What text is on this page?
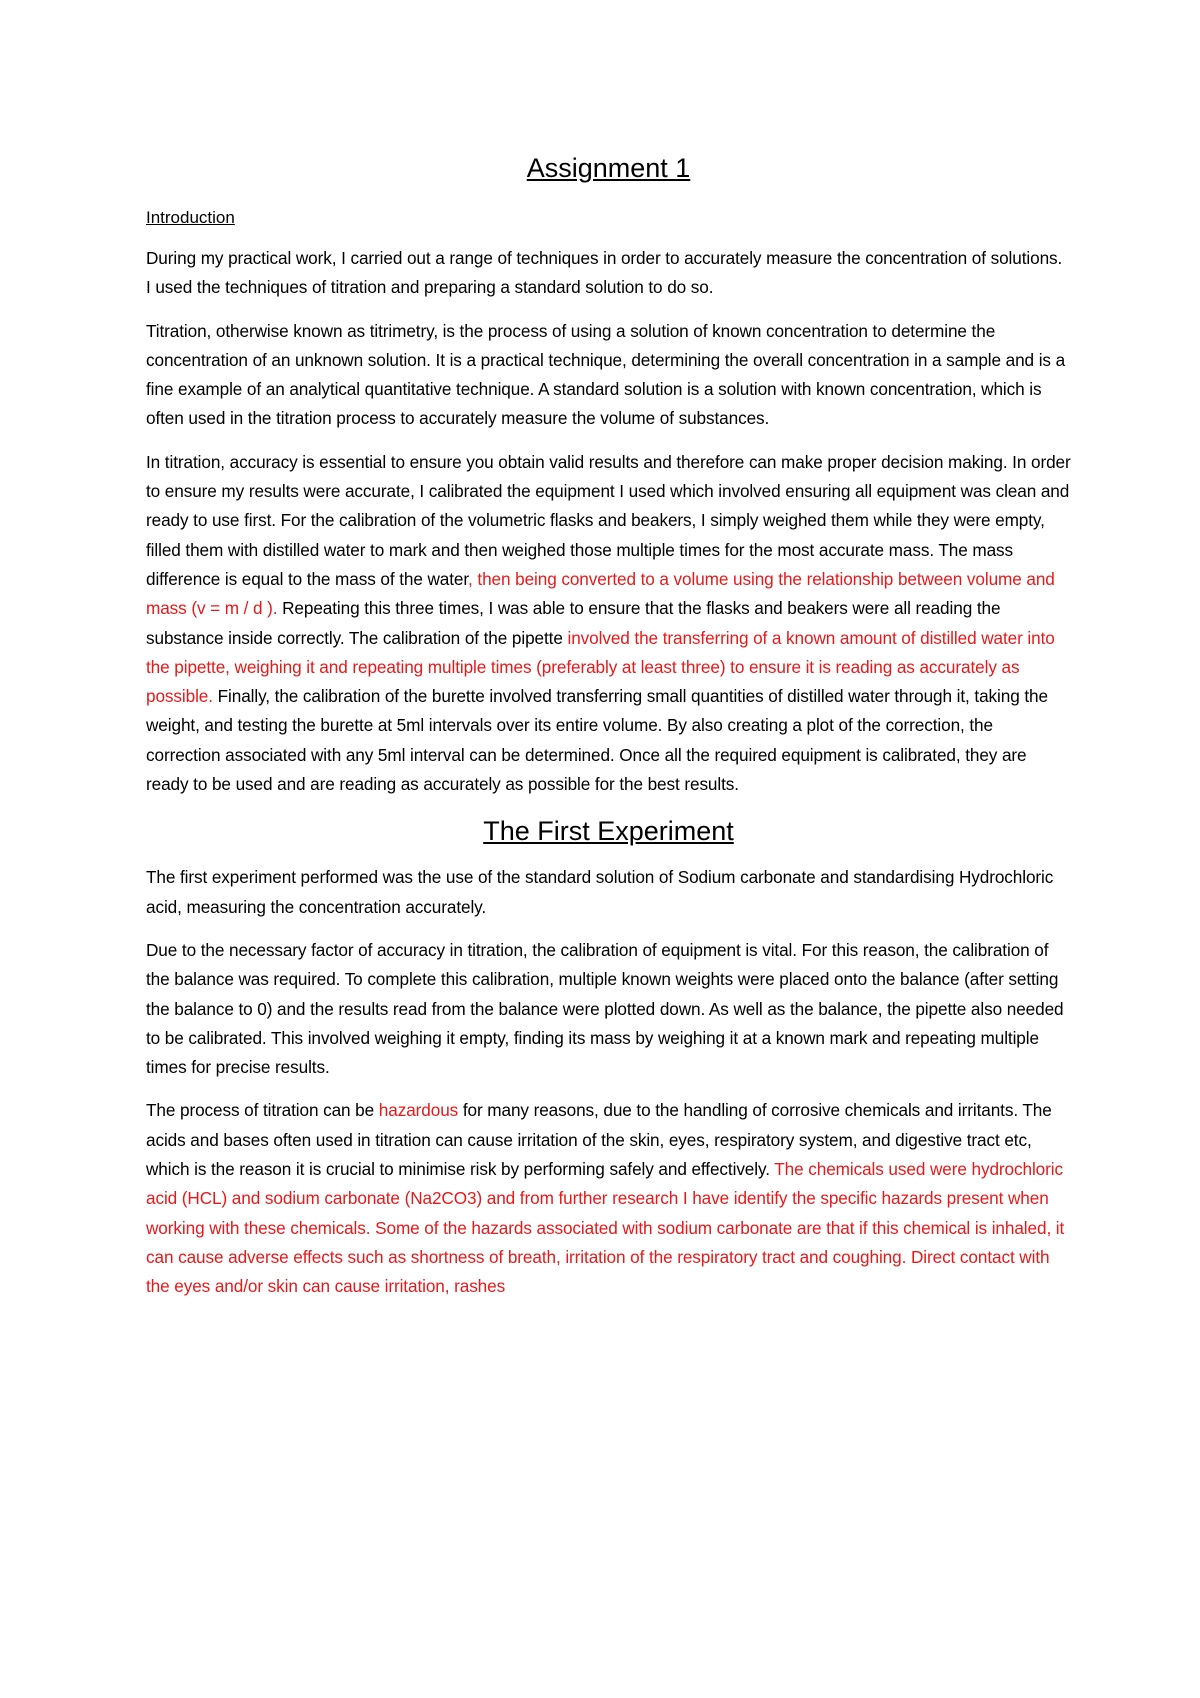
Assignment 1
Introduction

During my practical work, I carried out a range of techniques in order to accurately measure the concentration of solutions. I used the techniques of titration and preparing a standard solution to do so.

Titration, otherwise known as titrimetry, is the process of using a solution of known concentration to determine the concentration of an unknown solution. It is a practical technique, determining the overall concentration in a sample and is a fine example of an analytical quantitative technique. A standard solution is a solution with known concentration, which is often used in the titration process to accurately measure the volume of substances.

In titration, accuracy is essential to ensure you obtain valid results and therefore can make proper decision making. In order to ensure my results were accurate, I calibrated the equipment I used which involved ensuring all equipment was clean and ready to use first. For the calibration of the volumetric flasks and beakers, I simply weighed them while they were empty, filled them with distilled water to mark and then weighed those multiple times for the most accurate mass. The mass difference is equal to the mass of the water, then being converted to a volume using the relationship between volume and mass (v = m / d ). Repeating this three times, I was able to ensure that the flasks and beakers were all reading the substance inside correctly. The calibration of the pipette involved the transferring of a known amount of distilled water into the pipette, weighing it and repeating multiple times (preferably at least three) to ensure it is reading as accurately as possible. Finally, the calibration of the burette involved transferring small quantities of distilled water through it, taking the weight, and testing the burette at 5ml intervals over its entire volume. By also creating a plot of the correction, the correction associated with any 5ml interval can be determined. Once all the required equipment is calibrated, they are ready to be used and are reading as accurately as possible for the best results.

The First Experiment

The first experiment performed was the use of the standard solution of Sodium carbonate and standardising Hydrochloric acid, measuring the concentration accurately.

Due to the necessary factor of accuracy in titration, the calibration of equipment is vital. For this reason, the calibration of the balance was required. To complete this calibration, multiple known weights were placed onto the balance (after setting the balance to 0) and the results read from the balance were plotted down. As well as the balance, the pipette also needed to be calibrated. This involved weighing it empty, finding its mass by weighing it at a known mark and repeating multiple times for precise results.

The process of titration can be hazardous for many reasons, due to the handling of corrosive chemicals and irritants. The acids and bases often used in titration can cause irritation of the skin, eyes, respiratory system, and digestive tract etc, which is the reason it is crucial to minimise risk by performing safely and effectively. The chemicals used were hydrochloric acid (HCL) and sodium carbonate (Na2CO3) and from further research I have identify the specific hazards present when working with these chemicals. Some of the hazards associated with sodium carbonate are that if this chemical is inhaled, it can cause adverse effects such as shortness of breath, irritation of the respiratory tract and coughing. Direct contact with the eyes and/or skin can cause irritation, rashes
